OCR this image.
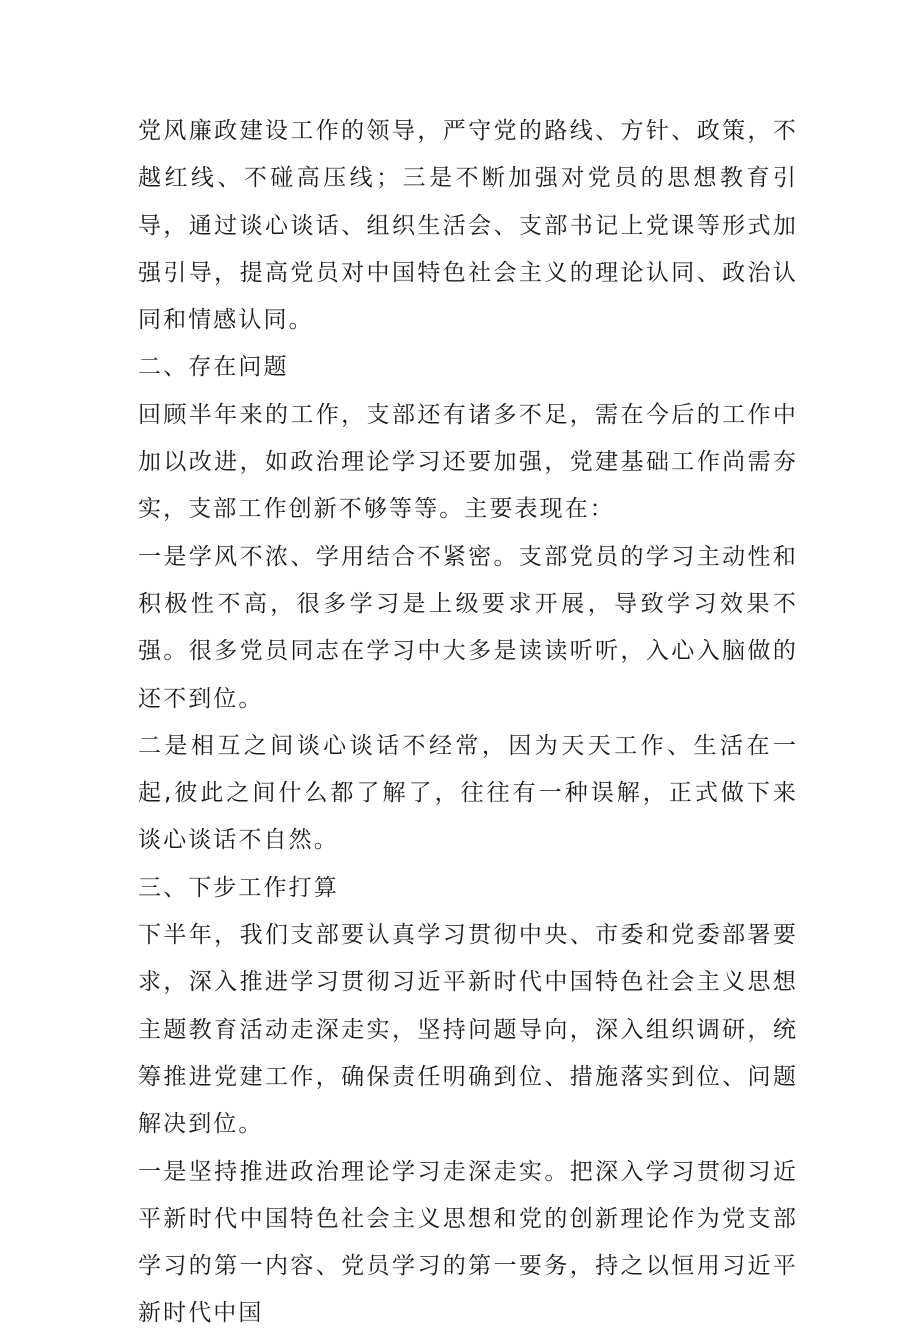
党风廉政建设工作的领导，严守党的路线、方针、政策，不越红线、不碰高压线；三是不断加强对党员的思想教育引导，通过谈心谈话、组织生活会、支部书记上党课等形式加强引导，提高党员对中国特色社会主义的理论认同、政治认同和情感认同。

二、存在问题

回顾半年来的工作，支部还有诸多不足，需在今后的工作中加以改进，如政治理论学习还要加强，党建基础工作尚需夯实，支部工作创新不够等等。主要表现在：

一是学风不浓、学用结合不紧密。支部党员的学习主动性和积极性不高，很多学习是上级要求开展，导致学习效果不强。很多党员同志在学习中大多是读读听听，入心入脑做的还不到位。

二是相互之间谈心谈话不经常，因为天天工作、生活在一起,彼此之间什么都了解了，往往有一种误解，正式做下来谈心谈话不自然。

三、下步工作打算

下半年，我们支部要认真学习贯彻中央、市委和党委部署要求，深入推进学习贯彻习近平新时代中国特色社会主义思想主题教育活动走深走实，坚持问题导向，深入组织调研，统筹推进党建工作，确保责任明确到位、措施落实到位、问题解决到位。

一是坚持推进政治理论学习走深走实。把深入学习贯彻习近平新时代中国特色社会主义思想和党的创新理论作为党支部学习的第一内容、党员学习的第一要务，持之以恒用习近平新时代中国
